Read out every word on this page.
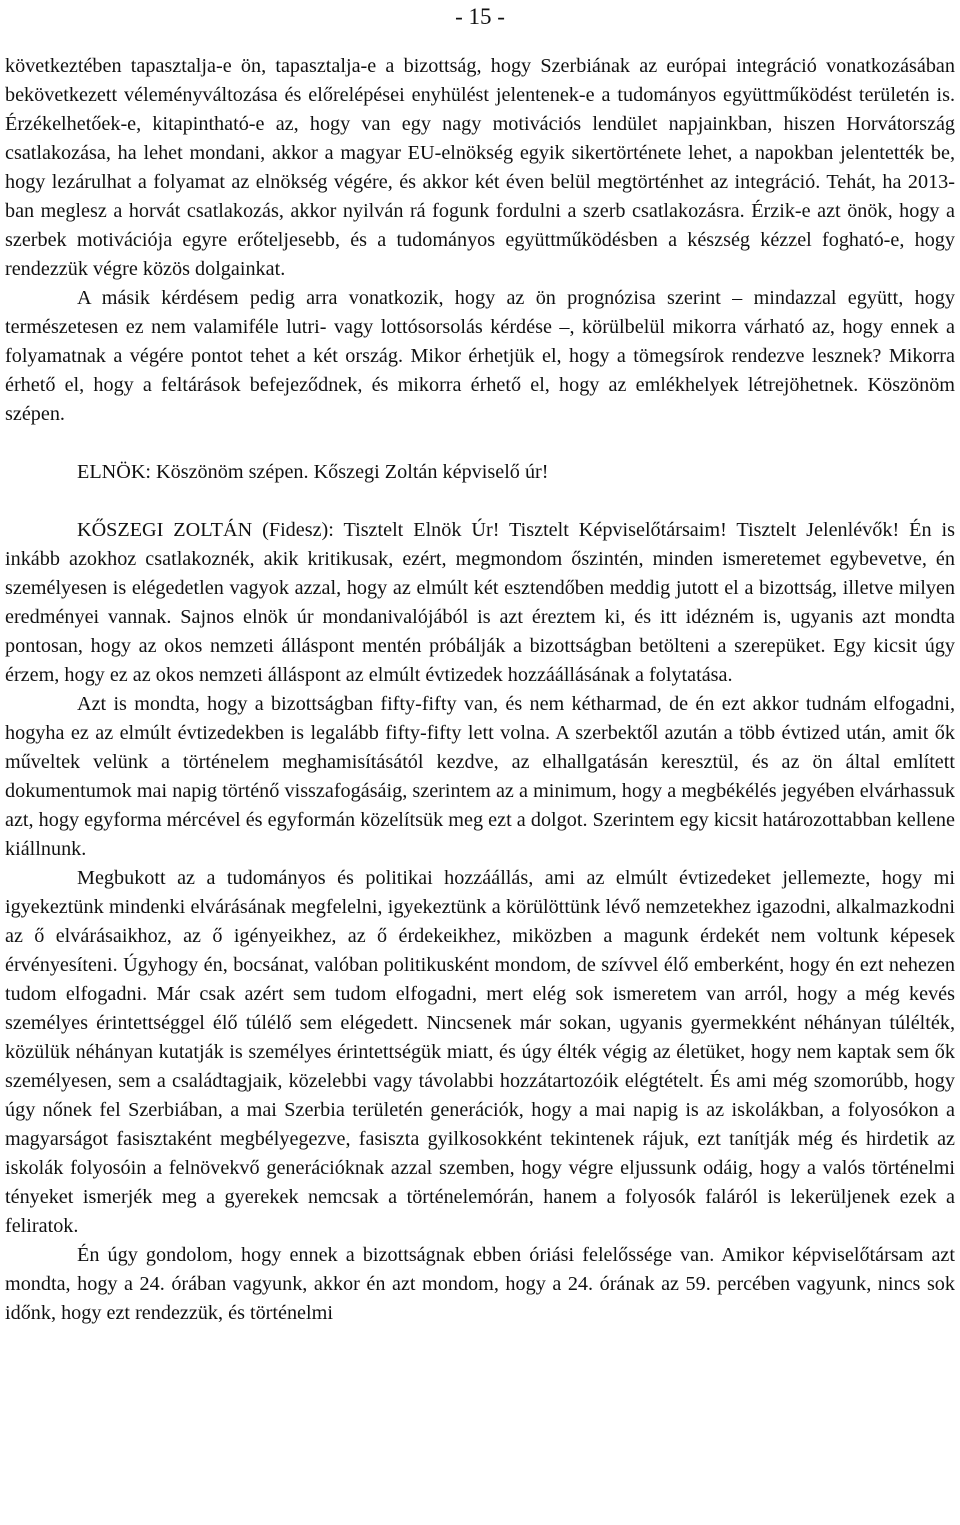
- 15 -

következtében tapasztalja-e ön, tapasztalja-e a bizottság, hogy Szerbiának az európai integráció vonatkozásában bekövetkezett véleményváltozása és előrelépései enyhülést jelentenek-e a tudományos együttműködést területén is. Érzékelhetőek-e, kitapintható-e az, hogy van egy nagy motivációs lendület napjainkban, hiszen Horvátország csatlakozása, ha lehet mondani, akkor a magyar EU-elnökség egyik sikertörténete lehet, a napokban jelentették be, hogy lezárulhat a folyamat az elnökség végére, és akkor két éven belül megtörténhet az integráció. Tehát, ha 2013-ban meglesz a horvát csatlakozás, akkor nyilván rá fogunk fordulni a szerb csatlakozásra. Érzik-e azt önök, hogy a szerbek motivációja egyre erőteljesebb, és a tudományos együttműködésben a készség kézzel fogható-e, hogy rendezzük végre közös dolgainkat.

A másik kérdésem pedig arra vonatkozik, hogy az ön prognózisa szerint – mindazzal együtt, hogy természetesen ez nem valamiféle lutri- vagy lottósorsolás kérdése –, körülbelül mikorra várható az, hogy ennek a folyamatnak a végére pontot tehet a két ország. Mikor érhetjük el, hogy a tömegsírok rendezve lesznek? Mikorra érhető el, hogy a feltárások befejeződnek, és mikorra érhető el, hogy az emlékhelyek létrejöhetnek. Köszönöm szépen.

ELNÖK: Köszönöm szépen. Kőszegi Zoltán képviselő úr!

KŐSZEGI ZOLTÁN (Fidesz): Tisztelt Elnök Úr! Tisztelt Képviselőtársaim! Tisztelt Jelenlévők! Én is inkább azokhoz csatlakoznék, akik kritikusak, ezért, megmondom őszintén, minden ismeretemet egybevetve, én személyesen is elégedetlen vagyok azzal, hogy az elmúlt két esztendőben meddig jutott el a bizottság, illetve milyen eredményei vannak. Sajnos elnök úr mondanivalójából is azt éreztem ki, és itt idézném is, ugyanis azt mondta pontosan, hogy az okos nemzeti álláspont mentén próbálják a bizottságban betölteni a szerepüket. Egy kicsit úgy érzem, hogy ez az okos nemzeti álláspont az elmúlt évtizedek hozzáállásának a folytatása.

Azt is mondta, hogy a bizottságban fifty-fifty van, és nem kétharmad, de én ezt akkor tudnám elfogadni, hogyha ez az elmúlt évtizedekben is legalább fifty-fifty lett volna. A szerbektől azután a több évtized után, amit ők műveltek velünk a történelem meghamisításától kezdve, az elhallgatásán keresztül, és az ön által említett dokumentumok mai napig történő visszafogásáig, szerintem az a minimum, hogy a megbékélés jegyében elvárhassuk azt, hogy egyforma mércével és egyformán közelítsük meg ezt a dolgot. Szerintem egy kicsit határozottabban kellene kiállnunk.

Megbukott az a tudományos és politikai hozzáállás, ami az elmúlt évtizedeket jellemezte, hogy mi igyekeztünk mindenki elvárásának megfelelni, igyekeztünk a körülöttünk lévő nemzetekhez igazodni, alkalmazkodni az ő elvárásaikhoz, az ő igényeikhez, az ő érdekeikhez, miközben a magunk érdekét nem voltunk képesek érvényesíteni. Úgyhogy én, bocsánat, valóban politikusként mondom, de szívvel élő emberként, hogy én ezt nehezen tudom elfogadni. Már csak azért sem tudom elfogadni, mert elég sok ismeretem van arról, hogy a még kevés személyes érintettséggel élő túlélő sem elégedett. Nincsenek már sokan, ugyanis gyermekként néhányan túlélték, közülük néhányan kutatják is személyes érintettségük miatt, és úgy élték végig az életüket, hogy nem kaptak sem ők személyesen, sem a családtagjaik, közelebbi vagy távolabbi hozzátartozóik elégtételt. És ami még szomorúbb, hogy úgy nőnek fel Szerbiában, a mai Szerbia területén generációk, hogy a mai napig is az iskolákban, a folyosókon a magyarságot fasisztaként megbélyegezve, fasiszta gyilkosokként tekintenek rájuk, ezt tanítják még és hirdetik az iskolák folyosóin a felnövekvő generációknak azzal szemben, hogy végre eljussunk odáig, hogy a valós történelmi tényeket ismerjék meg a gyerekek nemcsak a történelemórán, hanem a folyosók faláról is lekerüljenek ezek a feliratok.

Én úgy gondolom, hogy ennek a bizottságnak ebben óriási felelőssége van. Amikor képviselőtársam azt mondta, hogy a 24. órában vagyunk, akkor én azt mondom, hogy a 24. órának az 59. percében vagyunk, nincs sok időnk, hogy ezt rendezzük, és történelmi
